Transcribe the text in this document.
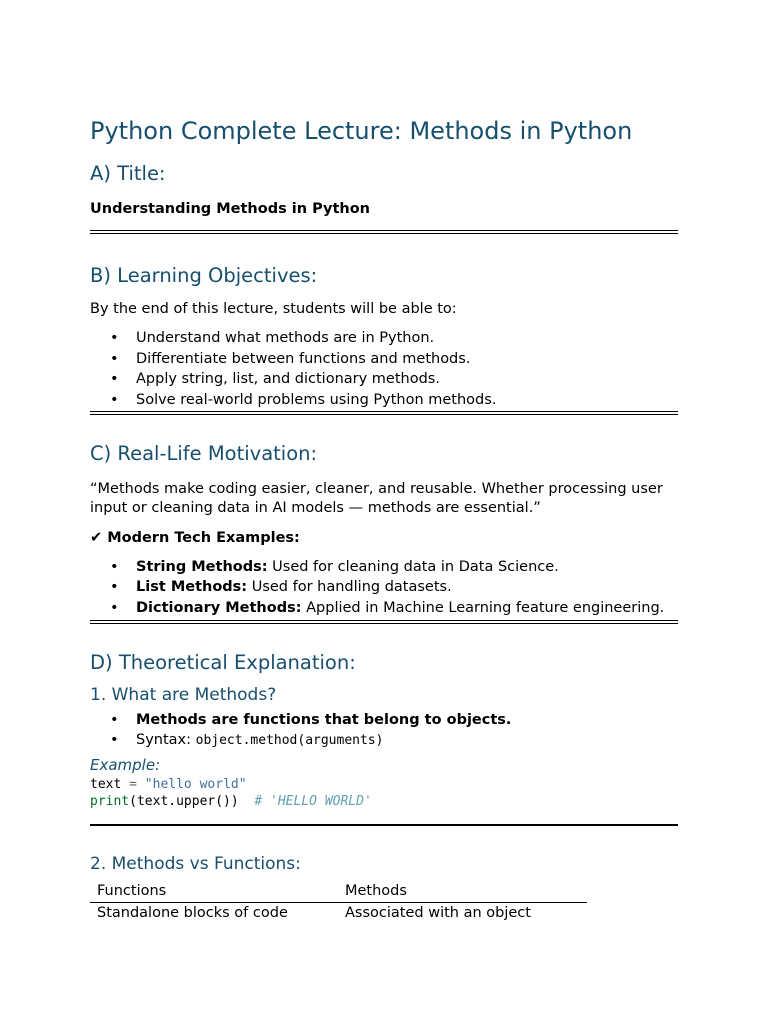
Python Complete Lecture: Methods in Python
A) Title:

Understanding Methods in Python

B) Learning Objectives:

By the end of this lecture, students will be able to:

• Understand what methods are in Python.
• Differentiate between functions and methods.
• Apply string, list, and dictionary methods.
• Solve real-world problems using Python methods.
C) Real-Life Motivation:

“Methods make coding easier, cleaner, and reusable. Whether processing user input or cleaning data in AI models — methods are essential.”

✔ Modern Tech Examples:

• String Methods: Used for cleaning data in Data Science.
• List Methods: Used for handling datasets.
• Dictionary Methods: Applied in Machine Learning feature engineering.
D) Theoretical Explanation:
1. What are Methods?
• Methods are functions that belong to objects.
• Syntax: object.method(arguments)
Example:
text = "hello world"
print(text.upper())  # 'HELLO WORLD'
2. Methods vs Functions:
Functions	Methods
Standalone blocks of code	Associated with an object
